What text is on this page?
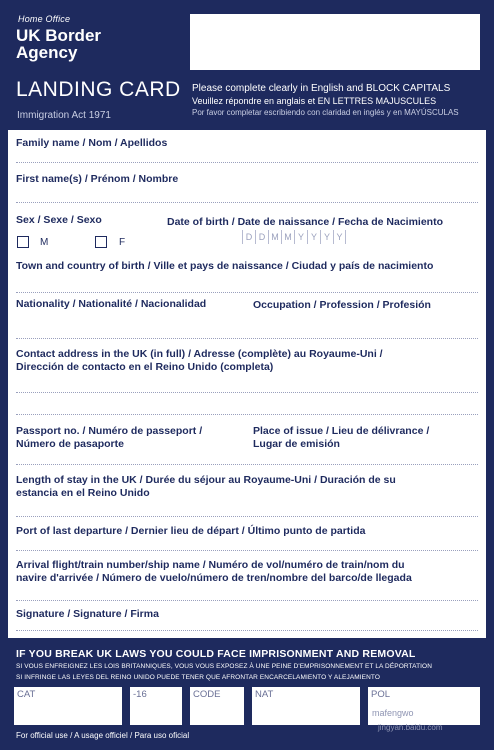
Home Office
UK Border Agency
LANDING CARD
Immigration Act 1971
Please complete clearly in English and BLOCK CAPITALS
Veuillez répondre en anglais et EN LETTRES MAJUSCULES
Por favor completar escribiendo con claridad en inglés y en MAYÚSCULAS
Family name / Nom / Apellidos
First name(s) / Prénom / Nombre
Sex / Sexe / Sexo
M	F
Date of birth / Date de naissance / Fecha de Nacimiento
D D M M Y Y Y Y
Town and country of birth / Ville et pays de naissance / Ciudad y país de nacimiento
Nationality / Nationalité / Nacionalidad	Occupation / Profession / Profesión
Contact address in the UK (in full) / Adresse (complète) au Royaume-Uni /
Dirección de contacto en el Reino Unido (completa)
Passport no. / Numéro de passeport /
Número de pasaporte
Place of issue / Lieu de délivrance /
Lugar de emisión
Length of stay in the UK / Durée du séjour au Royaume-Uni / Duración de su
estancia en el Reino Unido
Port of last departure / Dernier lieu de départ / Último punto de partida
Arrival flight/train number/ship name / Numéro de vol/numéro de train/nom du
navire d'arrivée / Número de vuelo/número de tren/nombre del barco/de llegada
Signature / Signature / Firma
IF YOU BREAK UK LAWS YOU COULD FACE IMPRISONMENT AND REMOVAL
SI VOUS ENFREIGNEZ LES LOIS BRITANNIQUES, VOUS VOUS EXPOSEZ À UNE PEINE D'EMPRISONNEMENT ET LA DÉPORTATION
SI INFRINGE LAS LEYES DEL REINO UNIDO PUEDE TENER QUE AFRONTAR ENCARCELAMIENTO Y ALEJAMIENTO
CAT	-16	CODE	NAT	POL
For official use / A usage officiel / Para uso oficial
mafengwo
jingyan.baidu.com
